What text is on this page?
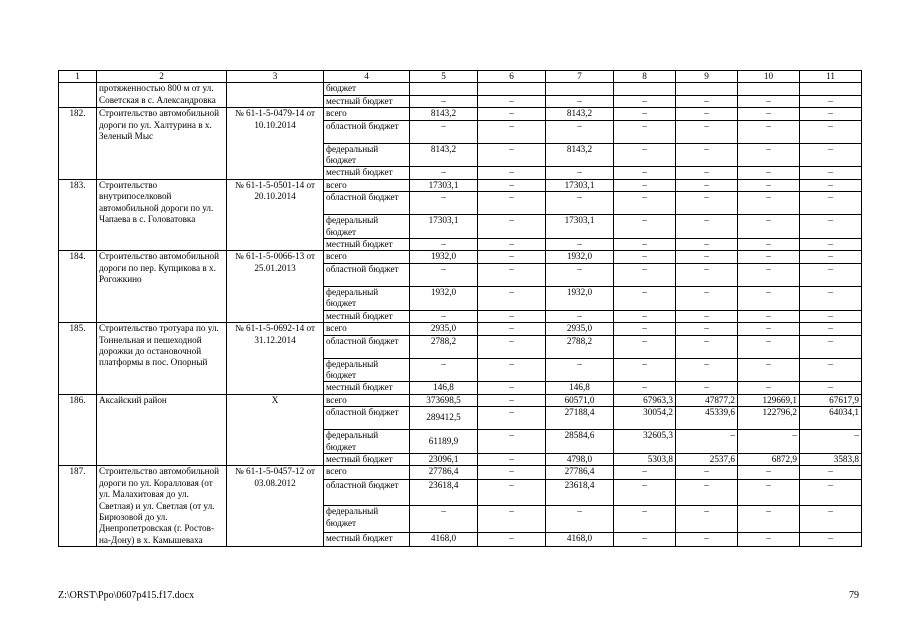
1	2	3	4	5	6	7	8	9	10	11
	протяженностью 800 м от ул. Советская в с. Александровка		бюджет							
			местный бюджет	–	–	–	–	–	–	–
182.	Строительство автомобильной дороги по ул. Халтурина в х. Зеленый Мыс	№ 61-1-5-0479-14 от 10.10.2014	всего	8143,2	–	8143,2	–	–	–	–
			областной бюджет	–	–	–	–	–	–	–
			федеральный бюджет	8143,2	–	8143,2	–	–	–	–
			местный бюджет	–	–	–	–	–	–	–
183.	Строительство внутрипоселковой автомобильной дороги по ул. Чапаева в с. Головатовка	№ 61-1-5-0501-14 от 20.10.2014	всего	17303,1	–	17303,1	–	–	–	–
			областной бюджет	–	–	–	–	–	–	–
			федеральный бюджет	17303,1	–	17303,1	–	–	–	–
			местный бюджет	–	–	–	–	–	–	–
184.	Строительство автомобильной дороги по пер. Купцикова в х. Рогожкино	№ 61-1-5-0066-13 от 25.01.2013	всего	1932,0	–	1932,0	–	–	–	–
			областной бюджет	–	–	–	–	–	–	–
			федеральный бюджет	1932,0	–	1932,0	–	–	–	–
			местный бюджет	–	–	–	–	–	–	–
185.	Строительство тротуара по ул. Тоннельная и пешеходной дорожки до остановочной платформы в пос. Опорный	№ 61-1-5-0692-14 от 31.12.2014	всего	2935,0	–	2935,0	–	–	–	–
			областной бюджет	2788,2	–	2788,2	–	–	–	–
			федеральный бюджет	–	–	–	–	–	–	–
			местный бюджет	146,8	–	146,8	–	–	–	–
186.	Аксайский район	Х	всего	373698,5	–	60571,0	67963,3	47877,2	129669,1	67617,9
			областной бюджет	289412,5	–	27188,4	30054,2	45339,6	122796,2	64034,1
			федеральный бюджет	61189,9	–	28584,6	32605,3	–	–	–
			местный бюджет	23096,1	–	4798,0	5303,8	2537,6	6872,9	3583,8
187.	Строительство автомобильной дороги по ул. Коралловая (от ул. Малахитовая до ул. Светлая) и ул. Светлая (от ул. Бирюзовой до ул. Днепропетровская (г. Ростов-на-Дону) в х. Камышеваха	№ 61-1-5-0457-12 от 03.08.2012	всего	27786,4	–	27786,4	–	–	–	–
			областной бюджет	23618,4	–	23618,4	–	–	–	–
			федеральный бюджет	–	–	–	–	–	–	–
			местный бюджет	4168,0	–	4168,0	–	–	–	–
Z:\ORST\Ppo\0607p415.f17.docx	79
